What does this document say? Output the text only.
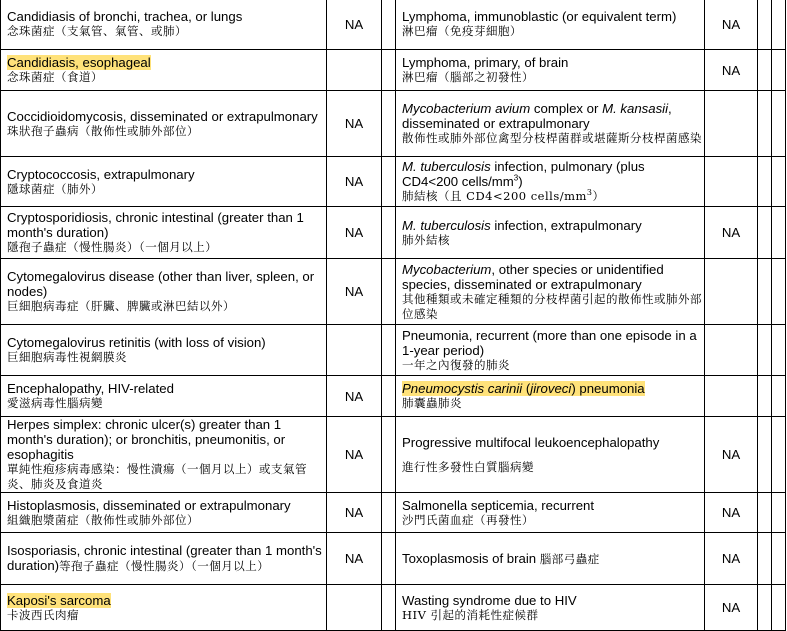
Candidiasis of bronchi, trachea, or lungs
念珠菌症（支氣管、氣管、或肺）	NA		Lymphoma, immunoblastic (or equivalent term)
淋巴瘤（免疫芽細胞）	NA		

Candidiasis, esophageal
念珠菌症（食道）			Lymphoma, primary, of brain
淋巴瘤（腦部之初發性）	NA		

Coccidioidomycosis, disseminated or extrapulmonary
珠狀孢子蟲病（散佈性或肺外部位）	NA		Mycobacterium avium complex or M. kansasii, disseminated or extrapulmonary
散佈性或肺外部位禽型分枝桿菌群或堪薩斯分枝桿菌感染			

Cryptococcosis, extrapulmonary
隱球菌症（肺外）	NA		M. tuberculosis infection, pulmonary (plus CD4<200 cells/$mm^3$)
肺結核（且 CD4<200 cells/$mm^3$）			

Cryptosporidiosis, chronic intestinal (greater than 1 month's duration)
隱孢子蟲症（慢性腸炎）（一個月以上）	NA		M. tuberculosis infection, extrapulmonary
肺外結核	NA		

Cytomegalovirus disease (other than liver, spleen, or nodes)
巨細胞病毒症（肝臟、脾臟或淋巴結以外）	NA		Mycobacterium, other species or unidentified species, disseminated or extrapulmonary
其他種類或未確定種類的分枝桿菌引起的散佈性或肺外部位感染			

Cytomegalovirus retinitis (with loss of vision)
巨細胞病毒性視網膜炎			Pneumonia, recurrent (more than one episode in a 1-year period)
一年之內復發的肺炎			

Encephalopathy, HIV-related
愛滋病毒性腦病變	NA		Pneumocystis carinii (jiroveci) pneumonia
肺囊蟲肺炎			

Herpes simplex: chronic ulcer(s) greater than 1 month's duration); or bronchitis, pneumonitis, or esophagitis
單純性疱疹病毒感染：慢性潰瘍（一個月以上）或支氣管炎、肺炎及食道炎	NA		Progressive multifocal leukoencephalopathy
進行性多發性白質腦病變	NA		

Histoplasmosis, disseminated or extrapulmonary
組織胞漿菌症（散佈性或肺外部位）	NA		Salmonella septicemia, recurrent
沙門氏菌血症（再發性）	NA		
Isosporiasis, chronic intestinal (greater than 1 month's duration)等孢子蟲症（慢性腸炎）（一個月以上）	NA		Toxoplasmosis of brain 腦部弓蟲症	NA		

Kaposi's sarcoma
卡波西氏肉瘤			Wasting syndrome due to HIV
HIV 引起的消耗性症候群	NA		
